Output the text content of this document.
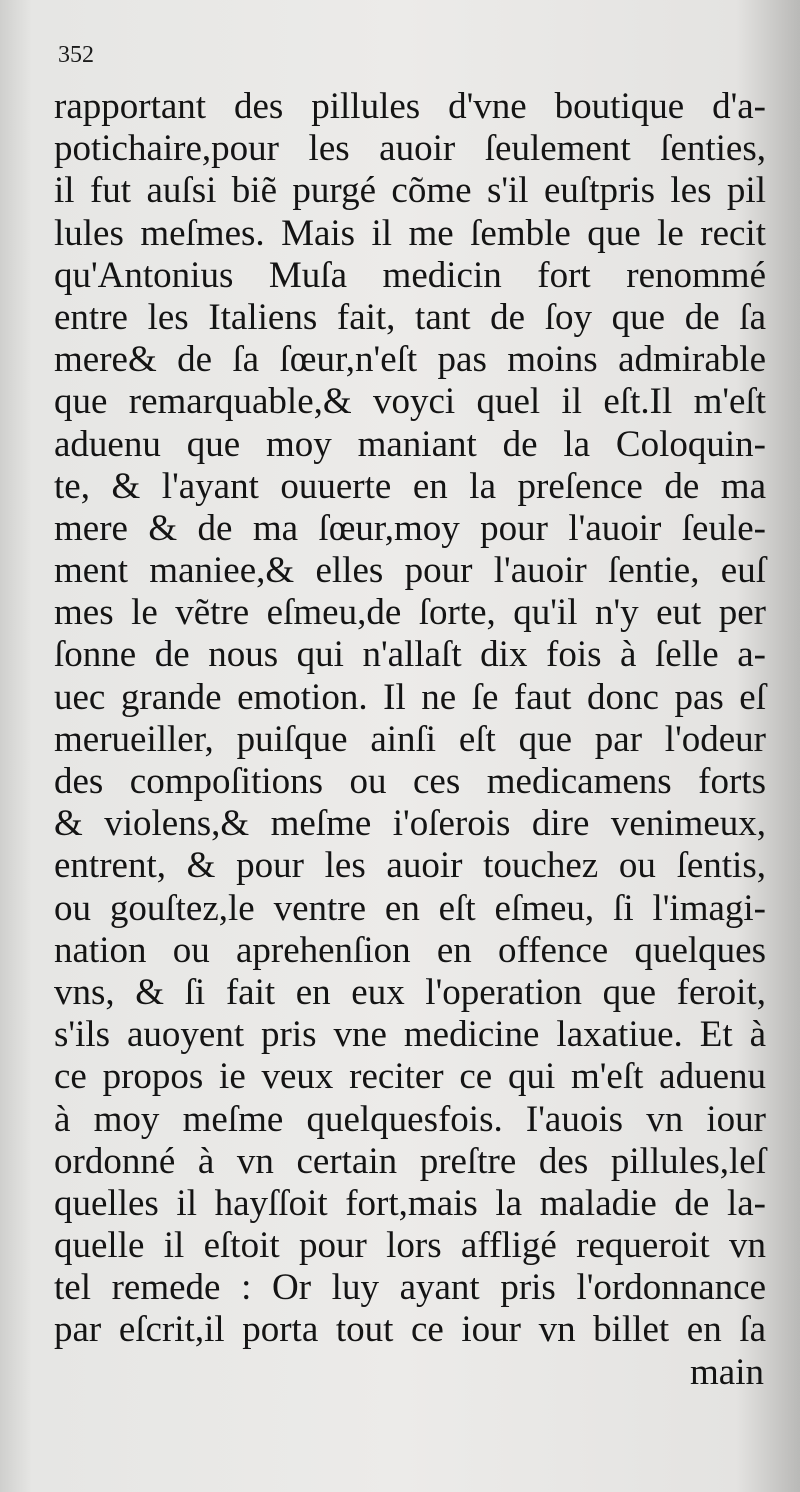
352
rapportant des pillules d'vne boutique d'a-
potichaire,pour les auoir ſeulement ſenties,
il fut auſsi biẽ purgé cõme s'il euſtpris les pil
lules meſmes. Mais il me ſemble que le recit
qu'Antonius Muſa medicin fort renommé
entre les Italiens fait, tant de ſoy que de ſa
mere& de ſa ſœur,n'eſt pas moins admirable
que remarquable,& voyci quel il eſt.Il m'eſt
aduenu que moy maniant de la Coloquin-
te, & l'ayant ouuerte en la preſence de ma
mere & de ma ſœur,moy pour l'auoir ſeule-
ment maniee,& elles pour l'auoir ſentie, euſ
mes le vẽtre eſmeu,de ſorte, qu'il n'y eut per
ſonne de nous qui n'allaſt dix fois à ſelle a-
uec grande emotion. Il ne ſe faut donc pas eſ
merueiller, puiſque ainſi eſt que par l'odeur
des compoſitions ou ces medicamens forts
& violens,& meſme i'oſerois dire venimeux,
entrent, & pour les auoir touchez ou ſentis,
ou gouſtez,le ventre en eſt eſmeu, ſi l'imagi-
nation ou aprehenſion en offence quelques
vns, & ſi fait en eux l'operation que feroit,
s'ils auoyent pris vne medicine laxatiue. Et à
ce propos ie veux reciter ce qui m'eſt aduenu
à moy meſme quelquesfois. I'auois vn iour
ordonné à vn certain preſtre des pillules,leſ
quelles il hayſſoit fort,mais la maladie de la-
quelle il eſtoit pour lors affligé requeroit vn
tel remede : Or luy ayant pris l'ordonnance
par eſcrit,il porta tout ce iour vn billet en ſa
main
